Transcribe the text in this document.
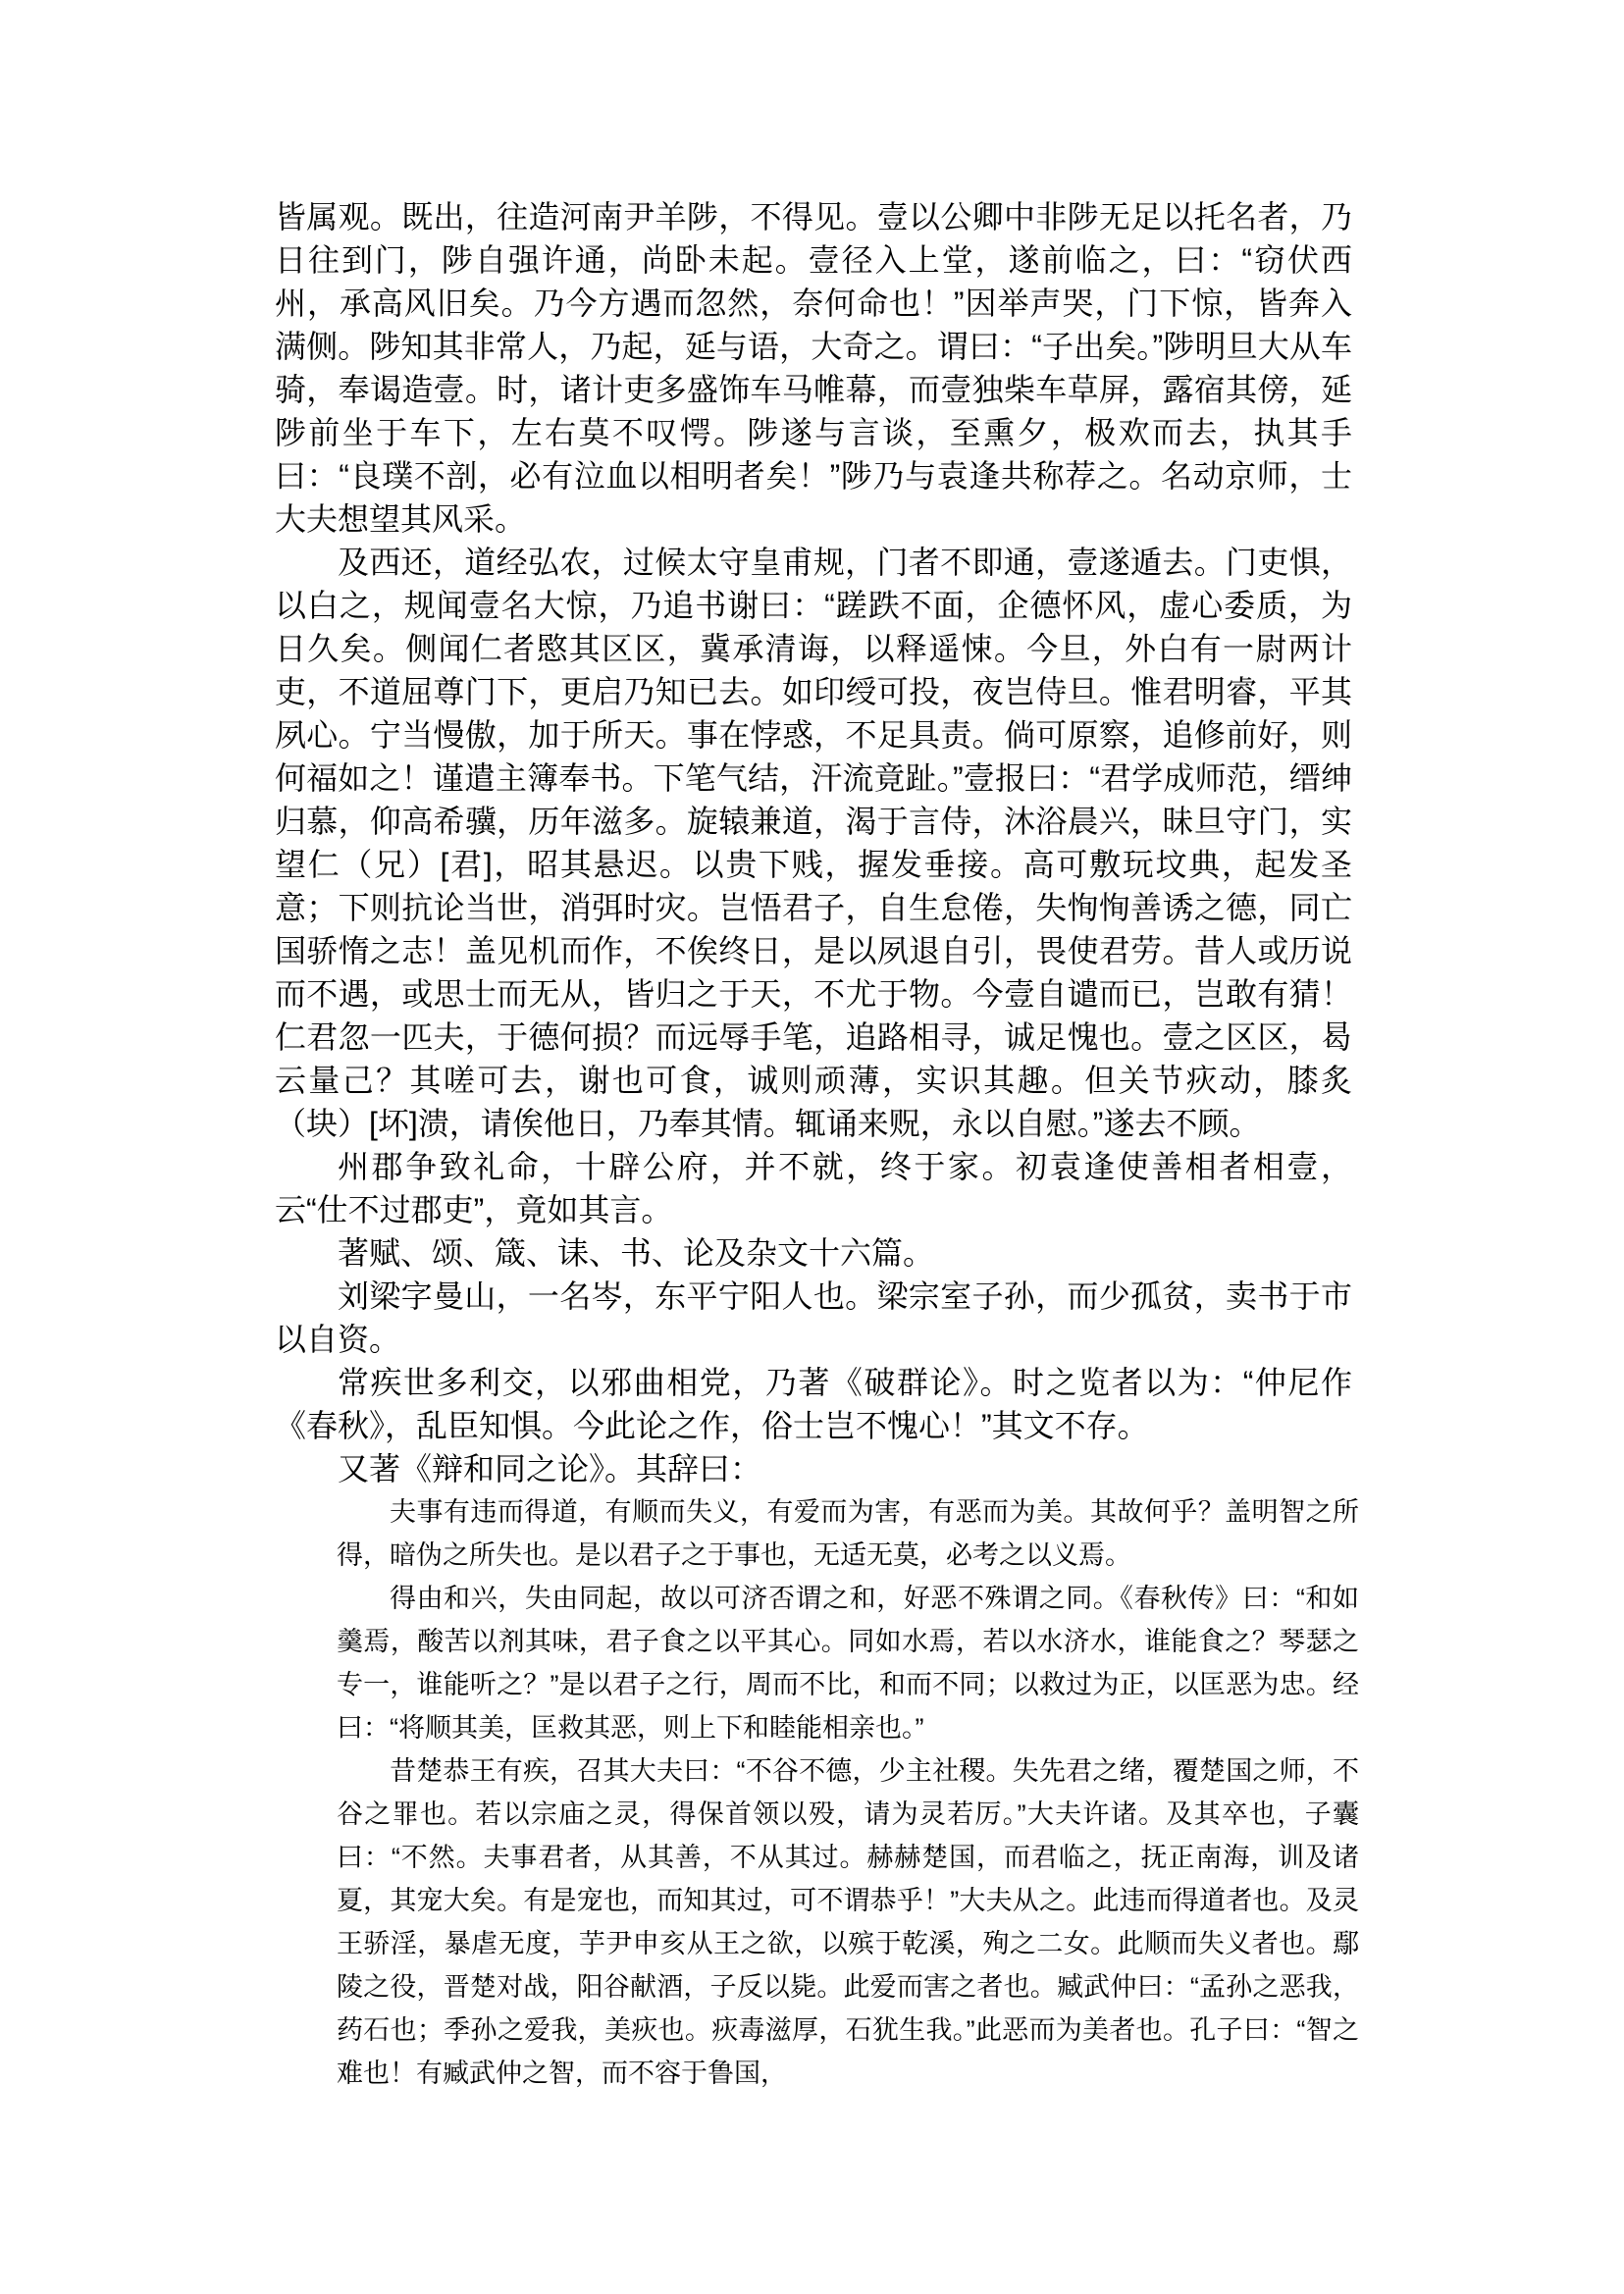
皆属观。既出，往造河南尹羊陟，不得见。壹以公卿中非陟无足以托名者，乃日往到门，陟自强许通，尚卧未起。壹径入上堂，遂前临之，曰：“窃伏西州，承高风旧矣。乃今方遇而忽然，奈何命也！”因举声哭，门下惊，皆奔入满侧。陟知其非常人，乃起，延与语，大奇之。谓曰：“子出矣。”陟明旦大从车骑，奉谒造壹。时，诸计吏多盛饰车马帷幕，而壹独柴车草屏，露宿其傍，延陟前坐于车下，左右莫不叹愕。陟遂与言谈，至熏夕，极欢而去，执其手曰：“良璞不剖，必有泣血以相明者矣！”陟乃与袁逢共称荐之。名动京师，士大夫想望其风采。

及西还，道经弘农，过候太守皇甫规，门者不即通，壹遂遁去。门吏惧，以白之，规闻壹名大惊，乃追书谢曰：“蹉跌不面，企德怀风，虚心委质，为日久矣。侧闻仁者愍其区区，冀承清诲，以释遥悚。今旦，外白有一尉两计吏，不道屈尊门下，更启乃知已去。如印绶可投，夜岂侍旦。惟君明睿，平其夙心。宁当慢傲，加于所天。事在悖惑，不足具责。倘可原察，追修前好，则何福如之！谨遣主簿奉书。下笔气结，汗流竟趾。”壹报曰：“君学成师范，缙绅归慕，仰高希骥，历年滋多。旋辕兼道，渴于言侍，沐浴晨兴，昧旦守门，实望仁（兄）[君]，昭其悬迟。以贵下贱，握发垂接。高可敷玩坟典，起发圣意；下则抗论当世，消弭时灾。岂悟君子，自生怠倦，失恂恂善诱之德，同亡国骄惰之志！盖见机而作，不俟终日，是以夙退自引，畏使君劳。昔人或历说而不遇，或思士而无从，皆归之于天，不尤于物。今壹自谴而已，岂敢有猜！仁君忽一匹夫，于德何损？而远辱手笔，追路相寻，诚足愧也。壹之区区，曷云量己？其嗟可去，谢也可食，诚则顽薄，实识其趣。但关节疢动，膝炙（块）[坏]溃，请俟他日，乃奉其情。辄诵来贶，永以自慰。”遂去不顾。

州郡争致礼命，十辟公府，并不就，终于家。初袁逢使善相者相壹，云“仕不过郡吏”，竟如其言。

著赋、颂、箴、诔、书、论及杂文十六篇。

刘梁字曼山，一名岑，东平宁阳人也。梁宗室子孙，而少孤贫，卖书于市以自资。

常疾世多利交，以邪曲相党，乃著《破群论》。时之览者以为：“仲尼作《春秋》，乱臣知惧。今此论之作，俗士岂不愧心！”其文不存。

又著《辩和同之论》。其辞曰：

夫事有违而得道，有顺而失义，有爱而为害，有恶而为美。其故何乎？盖明智之所得，暗伪之所失也。是以君子之于事也，无适无莫，必考之以义焉。

得由和兴，失由同起，故以可济否谓之和，好恶不殊谓之同。《春秋传》曰：“和如羹焉，酸苦以剂其味，君子食之以平其心。同如水焉，若以水济水，谁能食之？琴瑟之专一，谁能听之？”是以君子之行，周而不比，和而不同；以救过为正，以匡恶为忠。经曰：“将顺其美，匡救其恶，则上下和睦能相亲也。”

昔楚恭王有疾，召其大夫曰：“不谷不德，少主社稷。失先君之绪，覆楚国之师，不谷之罪也。若以宗庙之灵，得保首领以殁，请为灵若厉。”大夫许诸。及其卒也，子囊曰：“不然。夫事君者，从其善，不从其过。赫赫楚国，而君临之，抚正南海，训及诸夏，其宠大矣。有是宠也，而知其过，可不谓恭乎！”大夫从之。此违而得道者也。及灵王骄淫，暴虐无度，芋尹申亥从王之欲，以殡于乾溪，殉之二女。此顺而失义者也。鄢陵之役，晋楚对战，阳谷献酒，子反以毙。此爱而害之者也。臧武仲曰：“孟孙之恶我，药石也；季孙之爱我，美疢也。疢毒滋厚，石犹生我。”此恶而为美者也。孔子曰：“智之难也！有臧武仲之智，而不容于鲁国，
